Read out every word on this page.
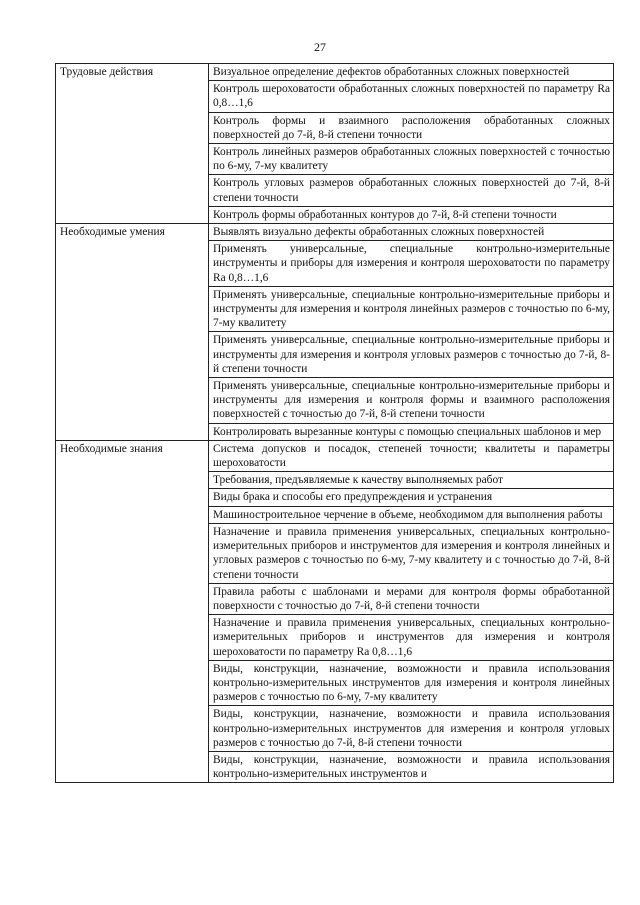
27
Трудовые действия	Визуальное определение дефектов обработанных сложных поверхностей
	Контроль шероховатости обработанных сложных поверхностей по параметру Ra 0,8…1,6
	Контроль формы и взаимного расположения обработанных сложных поверхностей до 7-й, 8-й степени точности
	Контроль линейных размеров обработанных сложных поверхностей с точностью по 6-му, 7-му квалитету
	Контроль угловых размеров обработанных сложных поверхностей до 7-й, 8-й степени точности
	Контроль формы обработанных контуров до 7-й, 8-й степени точности
Необходимые умения	Выявлять визуально дефекты обработанных сложных поверхностей
	Применять универсальные, специальные контрольно-измерительные инструменты и приборы для измерения и контроля шероховатости по параметру Ra 0,8…1,6
	Применять универсальные, специальные контрольно-измерительные приборы и инструменты для измерения и контроля линейных размеров с точностью по 6-му, 7-му квалитету
	Применять универсальные, специальные контрольно-измерительные приборы и инструменты для измерения и контроля угловых размеров с точностью до 7-й, 8-й степени точности
	Применять универсальные, специальные контрольно-измерительные приборы и инструменты для измерения и контроля формы и взаимного расположения поверхностей с точностью до 7-й, 8-й степени точности
	Контролировать вырезанные контуры с помощью специальных шаблонов и мер
Необходимые знания	Система допусков и посадок, степеней точности; квалитеты и параметры шероховатости
	Требования, предъявляемые к качеству выполняемых работ
	Виды брака и способы его предупреждения и устранения
	Машиностроительное черчение в объеме, необходимом для выполнения работы
	Назначение и правила применения универсальных, специальных контрольно-измерительных приборов и инструментов для измерения и контроля линейных и угловых размеров с точностью по 6-му, 7-му квалитету и с точностью до 7-й, 8-й степени точности
	Правила работы с шаблонами и мерами для контроля формы обработанной поверхности с точностью до 7-й, 8-й степени точности
	Назначение и правила применения универсальных, специальных контрольно-измерительных приборов и инструментов для измерения и контроля шероховатости по параметру Ra 0,8…1,6
	Виды, конструкции, назначение, возможности и правила использования контрольно-измерительных инструментов для измерения и контроля линейных размеров с точностью по 6-му, 7-му квалитету
	Виды, конструкции, назначение, возможности и правила использования контрольно-измерительных инструментов для измерения и контроля угловых размеров с точностью до 7-й, 8-й степени точности
	Виды, конструкции, назначение, возможности и правила использования контрольно-измерительных инструментов и
